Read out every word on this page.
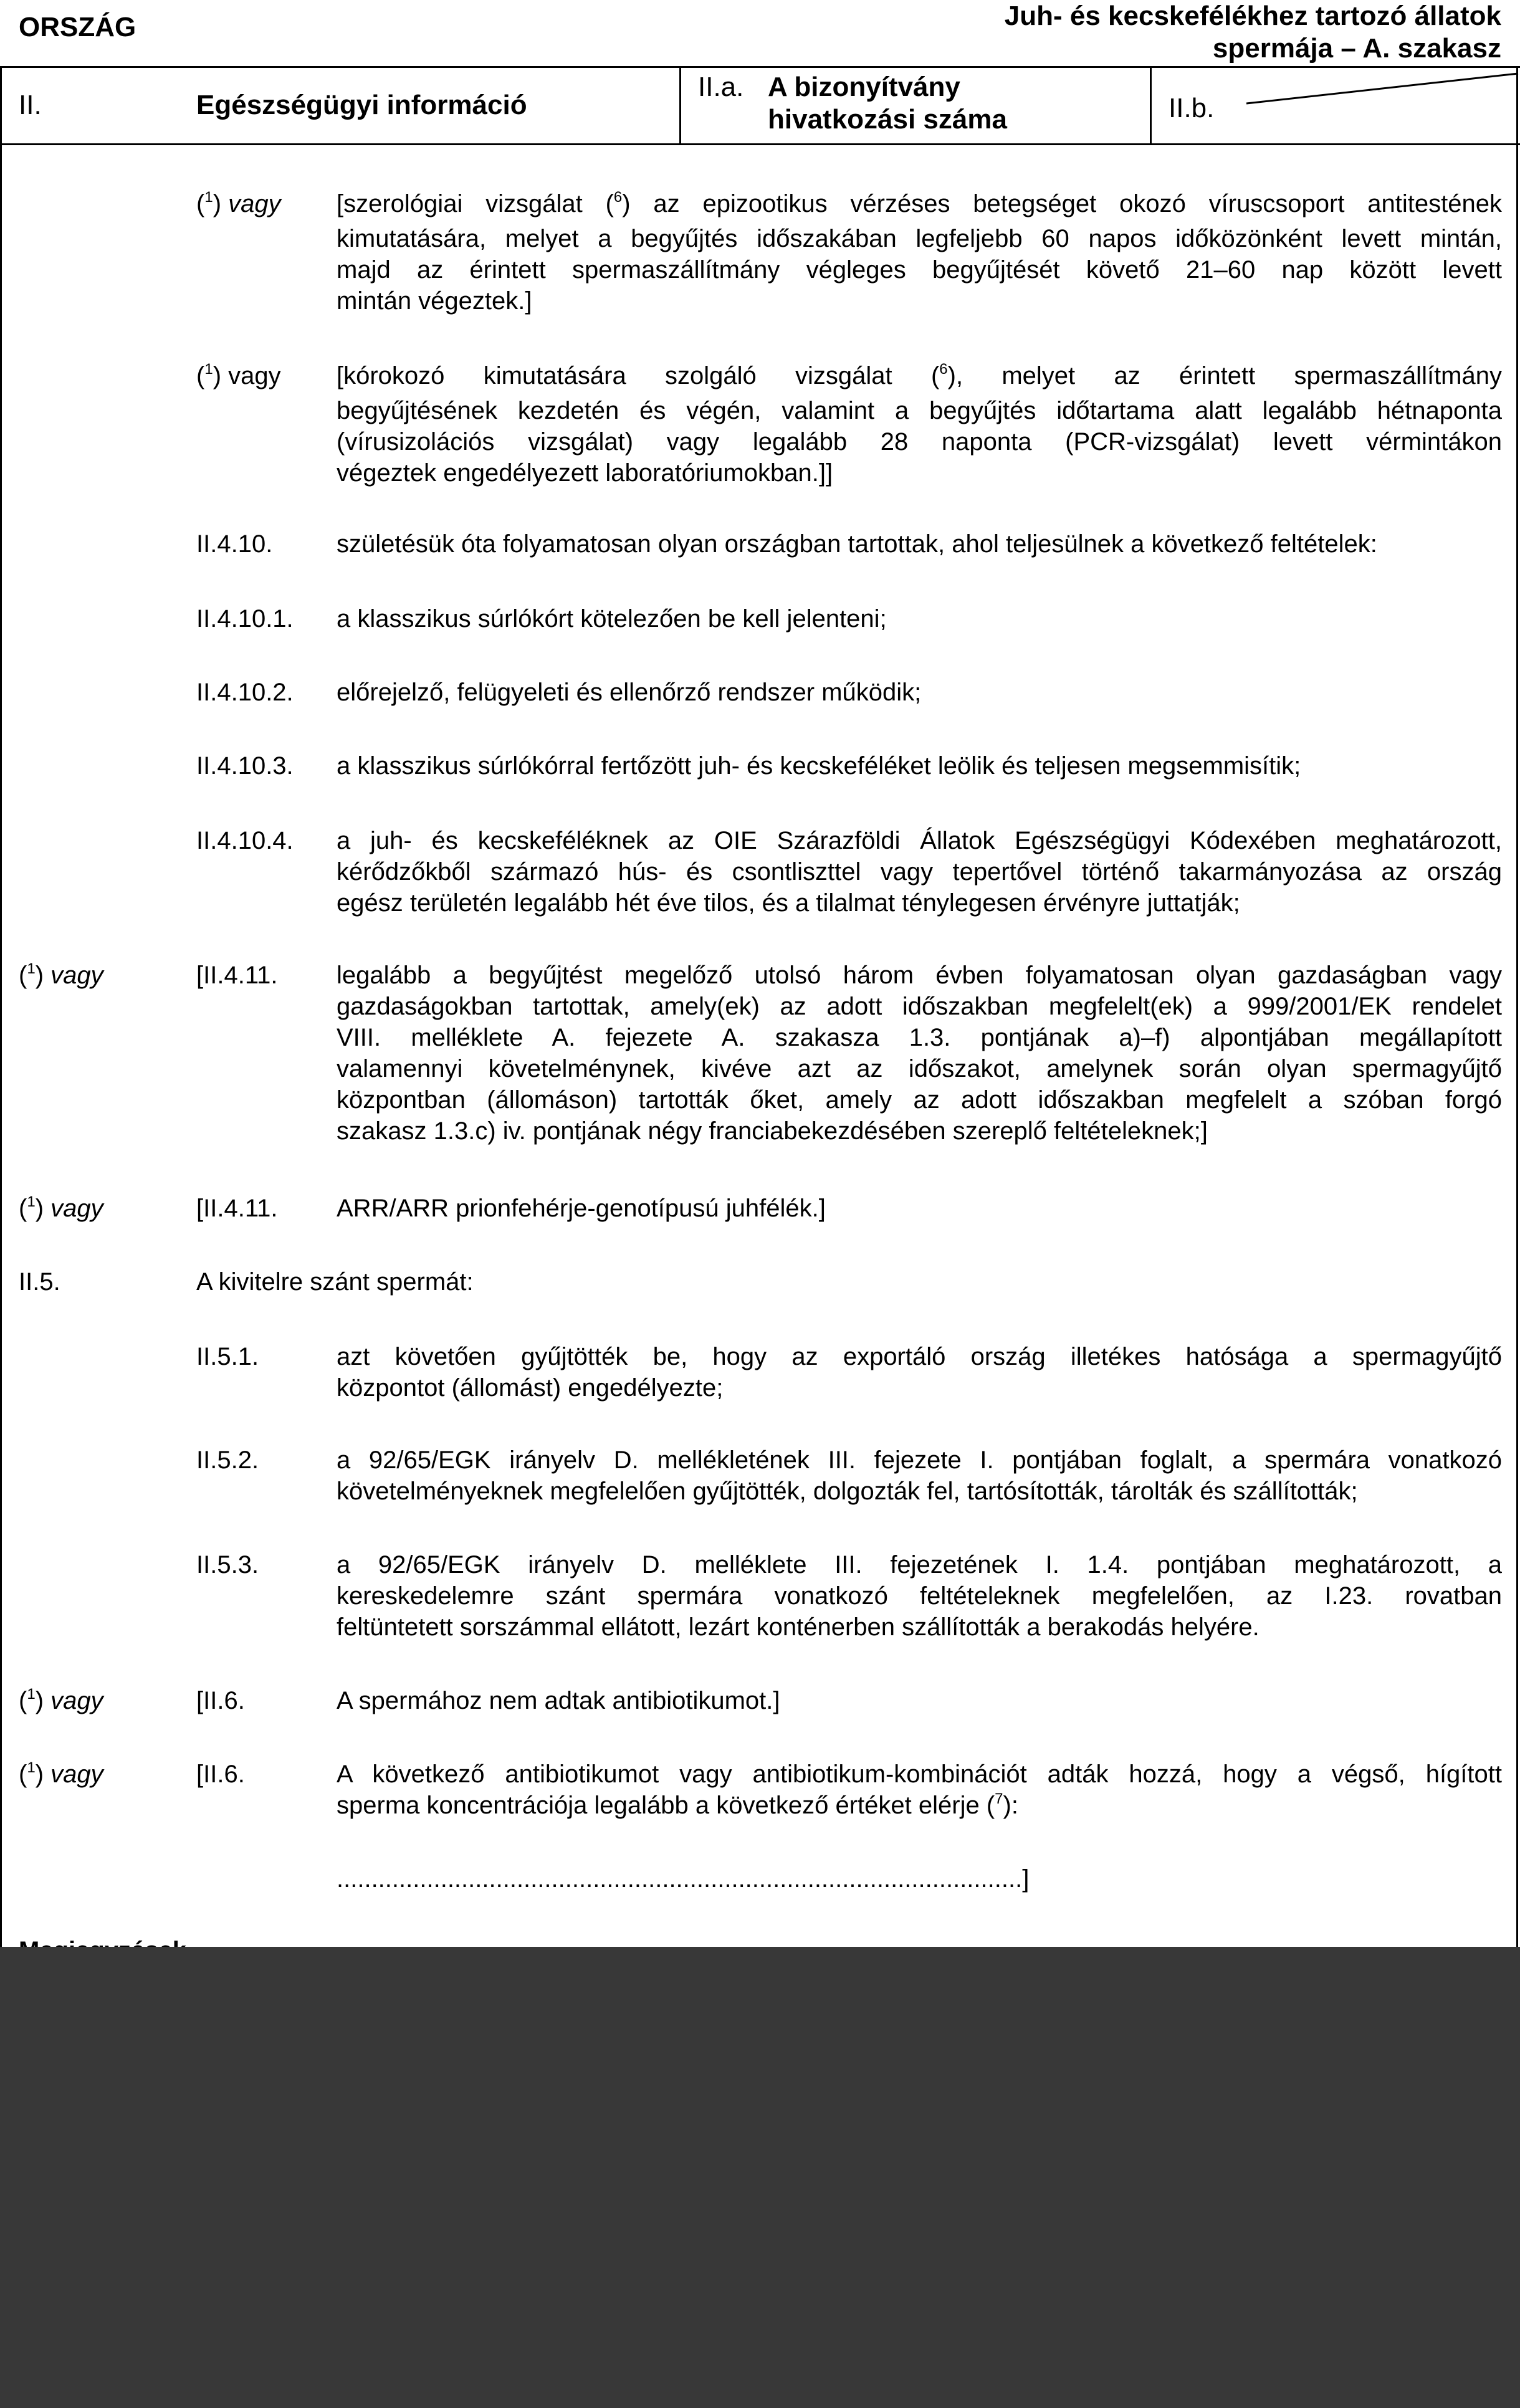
ORSZÁG	Juh- és kecskefélékhez tartozó állatok
spermája – A. szakasz
II.	Egészségügyi információ
II.a. A bizonyítvány
hivatkozási száma	II.b.
($^1$) vagy [szerológiai vizsgálat ($^6$) az epizootikus vérzéses betegséget okozó víruscsoport antitestének
kimutatására, melyet a begyűjtés időszakában legfeljebb 60 napos időközönként levett mintán,
majd az érintett spermaszállítmány végleges begyűjtését követő 21–60 nap között levett
mintán végeztek.]
($^1$) vagy [kórokozó kimutatására szolgáló vizsgálat ($^6$), melyet az érintett spermaszállítmány
begyűjtésének kezdetén és végén, valamint a begyűjtés időtartama alatt legalább hétnaponta
(vírusizolációs vizsgálat) vagy legalább 28 naponta (PCR-vizsgálat) levett vérmintákon
végeztek engedélyezett laboratóriumokban.]]
II.4.10.	születésük óta folyamatosan olyan országban tartottak, ahol teljesülnek a következő feltételek:
II.4.10.1. a klasszikus súrlókórt kötelezően be kell jelenteni;
II.4.10.2. előrejelző, felügyeleti és ellenőrző rendszer működik;
II.4.10.3. a klasszikus súrlókórral fertőzött juh- és kecskeféléket leölik és teljesen megsemmisítik;
II.4.10.4. a juh- és kecskeféléknek az OIE Szárazföldi Állatok Egészségügyi Kódexében meghatározott,
kérődzőkből származó hús- és csontliszttel vagy tepertővel történő takarmányozása az ország
egész területén legalább hét éve tilos, és a tilalmat ténylegesen érvényre juttatják;
($^1$) vagy	[II.4.11. legalább a begyűjtést megelőző utolsó három évben folyamatosan olyan gazdaságban vagy
gazdaságokban tartottak, amely(ek) az adott időszakban megfelelt(ek) a 999/2001/EK rendelet
VIII. melléklete A. fejezete A. szakasza 1.3. pontjának a)–f) alpontjában megállapított
valamennyi követelménynek, kivéve azt az időszakot, amelynek során olyan spermagyűjtő
központban (állomáson) tartották őket, amely az adott időszakban megfelelt a szóban forgó
szakasz 1.3.c) iv. pontjának négy franciabekezdésében szereplő feltételeknek;]
($^1$) vagy	[II.4.11. ARR/ARR prionfehérje-genotípusú juhfélék.]
II.5.	A kivitelre szánt spermát:
II.5.1.	azt követően gyűjtötték be, hogy az exportáló ország illetékes hatósága a spermagyűjtő
központot (állomást) engedélyezte;
II.5.2.	a 92/65/EGK irányelv D. mellékletének III. fejezete I. pontjában foglalt, a spermára vonatkozó
követelményeknek megfelelően gyűjtötték, dolgozták fel, tartósították, tárolták és szállították;
II.5.3.	a 92/65/EGK irányelv D. melléklete III. fejezetének I. 1.4. pontjában meghatározott, a
kereskedelemre szánt spermára vonatkozó feltételeknek megfelelően, az I.23. rovatban
feltüntetett sorszámmal ellátott, lezárt konténerben szállították a berakodás helyére.
($^1$) vagy	[II.6.	A spermához nem adtak antibiotikumot.]
($^1$) vagy	[II.6.	A következő antibiotikumot vagy antibiotikum-kombinációt adták hozzá, hogy a végső, hígított
sperma koncentrációja legalább a következő értéket elérje ($^7$):
...................................................................................................]
